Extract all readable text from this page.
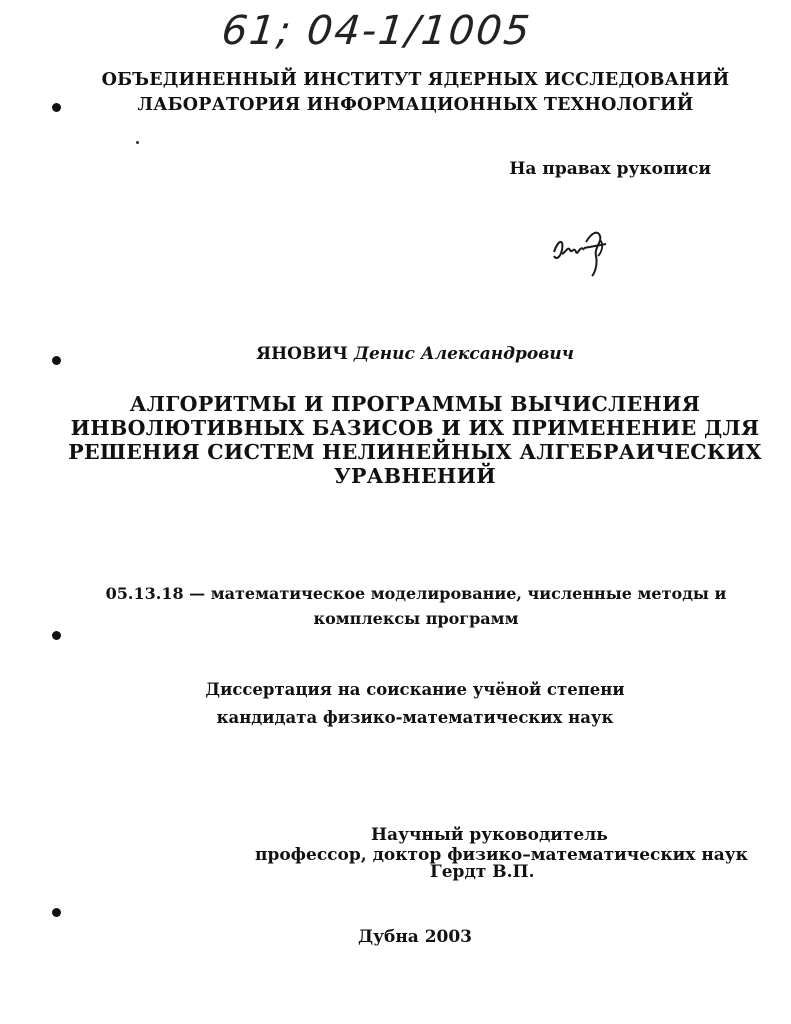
61; 04-1/1005
ОБЪЕДИНЕННЫЙ ИНСТИТУТ ЯДЕРНЫХ ИССЛЕДОВАНИЙ
ЛАБОРАТОРИЯ ИНФОРМАЦИОННЫХ ТЕХНОЛОГИЙ
На правах рукописи
ЯНОВИЧ Денис Александрович
АЛГОРИТМЫ И ПРОГРАММЫ ВЫЧИСЛЕНИЯ
ИНВОЛЮТИВНЫХ БАЗИСОВ И ИХ ПРИМЕНЕНИЕ ДЛЯ
РЕШЕНИЯ СИСТЕМ НЕЛИНЕЙНЫХ АЛГЕБРАИЧЕСКИХ
УРАВНЕНИЙ
05.13.18 — математическое моделирование, численные методы и
комплексы программ
Диссертация на соискание учёной степени
кандидата физико-математических наук
Научный руководитель
профессор, доктор физико–математических наук
Гердт В.П.
Дубна 2003
